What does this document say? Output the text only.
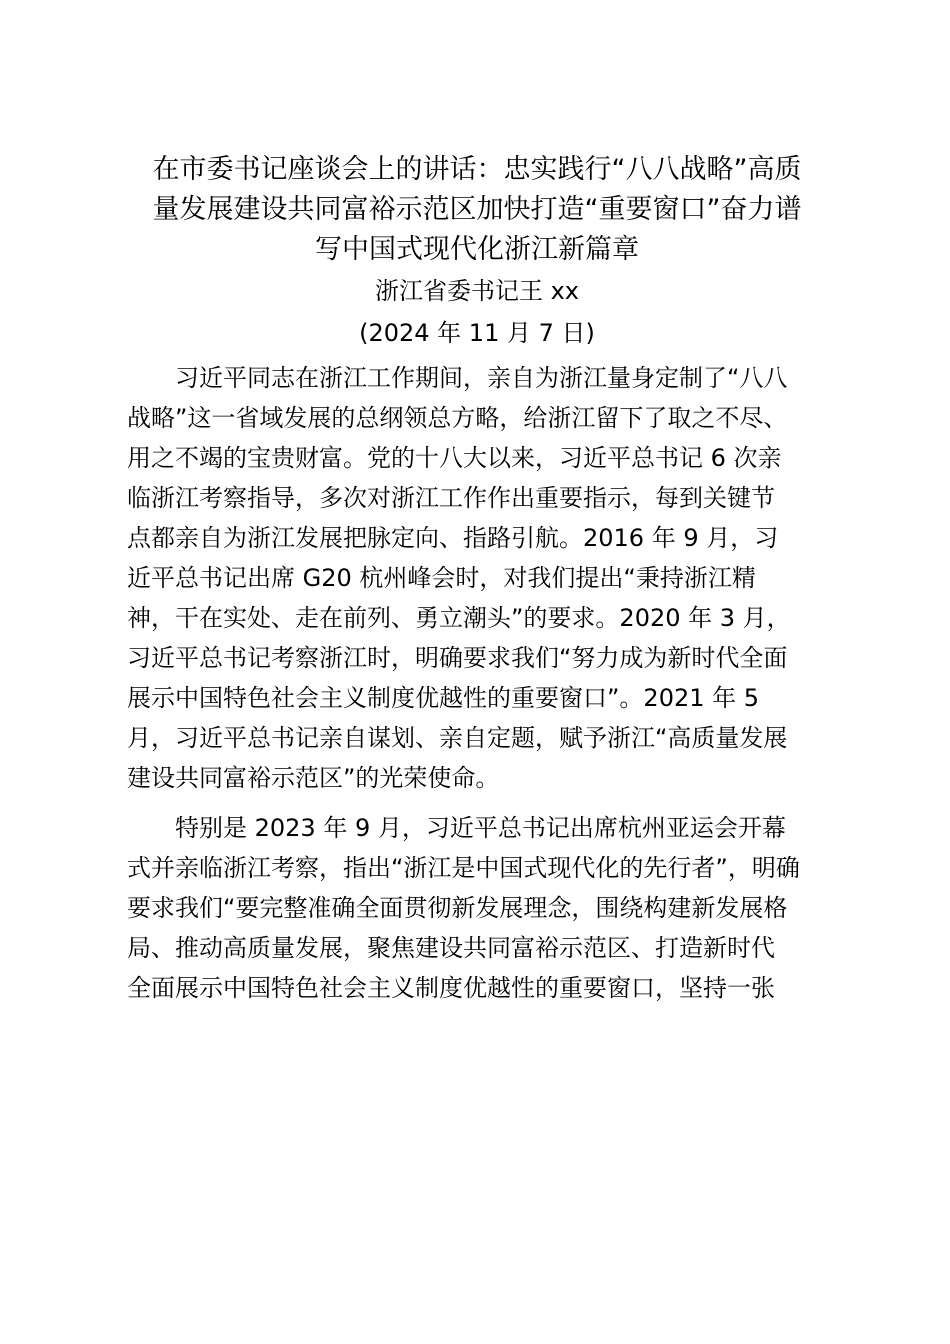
在市委书记座谈会上的讲话：忠实践行“八八战略”高质
量发展建设共同富裕示范区加快打造“重要窗口”奋力谱
写中国式现代化浙江新篇章

浙江省委书记王 xx

(2024 年 11 月 7 日)

　　习近平同志在浙江工作期间，亲自为浙江量身定制了“八八
战略”这一省域发展的总纲领总方略，给浙江留下了取之不尽、
用之不竭的宝贵财富。党的十八大以来，习近平总书记 6 次亲
临浙江考察指导，多次对浙江工作作出重要指示，每到关键节
点都亲自为浙江发展把脉定向、指路引航。2016 年 9 月，习
近平总书记出席 G20 杭州峰会时，对我们提出“秉持浙江精
神，干在实处、走在前列、勇立潮头”的要求。2020 年 3 月，
习近平总书记考察浙江时，明确要求我们“努力成为新时代全面
展示中国特色社会主义制度优越性的重要窗口”。2021 年 5
月，习近平总书记亲自谋划、亲自定题，赋予浙江“高质量发展
建设共同富裕示范区”的光荣使命。

　　特别是 2023 年 9 月，习近平总书记出席杭州亚运会开幕
式并亲临浙江考察，指出“浙江是中国式现代化的先行者”，明确
要求我们“要完整准确全面贯彻新发展理念，围绕构建新发展格
局、推动高质量发展，聚焦建设共同富裕示范区、打造新时代
全面展示中国特色社会主义制度优越性的重要窗口，坚持一张
